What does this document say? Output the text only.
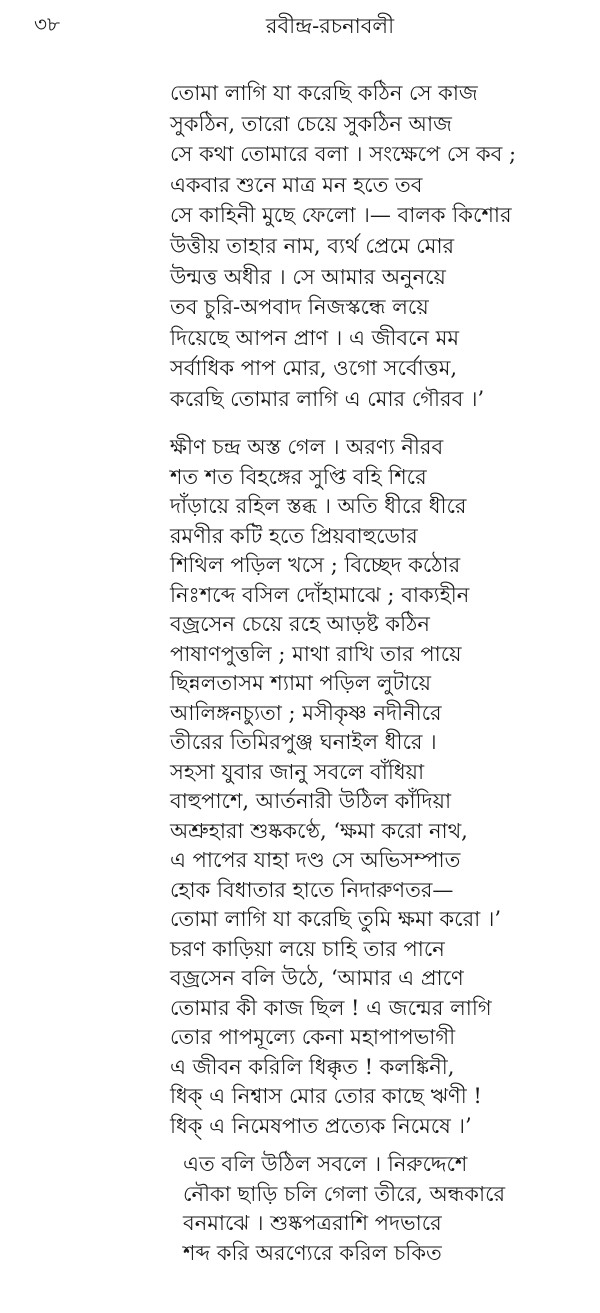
৩৮	রবীন্দ্র-রচনাবলী
তোমা লাগি যা করেছি কঠিন সে কাজ
সুকঠিন, তারো চেয়ে সুকঠিন আজ
সে কথা তোমারে বলা । সংক্ষেপে সে কব ;
একবার শুনে মাত্র মন হতে তব
সে কাহিনী মুছে ফেলো ।— বালক কিশোর
উত্তীয় তাহার নাম, ব্যর্থ প্রেমে মোর
উন্মত্ত অধীর । সে আমার অনুনয়ে
তব চুরি-অপবাদ নিজস্কন্ধে লয়ে
দিয়েছে আপন প্রাণ । এ জীবনে মম
সর্বাধিক পাপ মোর, ওগো সর্বোত্তম,
করেছি তোমার লাগি এ মোর গৌরব ।’
ক্ষীণ চন্দ্র অস্ত গেল । অরণ্য নীরব
শত শত বিহঙ্গের সুপ্তি বহি শিরে
দাঁড়ায়ে রহিল স্তব্ধ । অতি ধীরে ধীরে
রমণীর কটি হতে প্রিয়বাহুডোর
শিথিল পড়িল খসে ; বিচ্ছেদ কঠোর
নিঃশব্দে বসিল দোঁহামাঝে ; বাক্যহীন
বজ্রসেন চেয়ে রহে আড়ষ্ট কঠিন
পাষাণপুত্তলি ; মাথা রাখি তার পায়ে
ছিন্নলতাসম শ্যামা পড়িল লুটায়ে
আলিঙ্গনচ্যুতা ; মসীকৃষ্ণ নদীনীরে
তীরের তিমিরপুঞ্জ ঘনাইল ধীরে ।
সহসা যুবার জানু সবলে বাঁধিয়া
বাহুপাশে, আর্তনারী উঠিল কাঁদিয়া
অশ্রুহারা শুষ্ককণ্ঠে, ‘ক্ষমা করো নাথ,
এ পাপের যাহা দণ্ড সে অভিসম্পাত
হোক বিধাতার হাতে নিদারুণতর—
তোমা লাগি যা করেছি তুমি ক্ষমা করো ।’
চরণ কাড়িয়া লয়ে চাহি তার পানে
বজ্রসেন বলি উঠে, ‘আমার এ প্রাণে
তোমার কী কাজ ছিল ! এ জন্মের লাগি
তোর পাপমূল্যে কেনা মহাপাপভাগী
এ জীবন করিলি ধিক্কৃত ! কলঙ্কিনী,
ধিক্ এ নিশ্বাস মোর তোর কাছে ঋণী !
ধিক্ এ নিমেষপাত প্রত্যেক নিমেষে ।’
এত বলি উঠিল সবলে । নিরুদ্দেশে
নৌকা ছাড়ি চলি গেলা তীরে, অন্ধকারে
বনমাঝে । শুষ্কপত্ররাশি পদভারে
শব্দ করি অরণ্যেরে করিল চকিত
